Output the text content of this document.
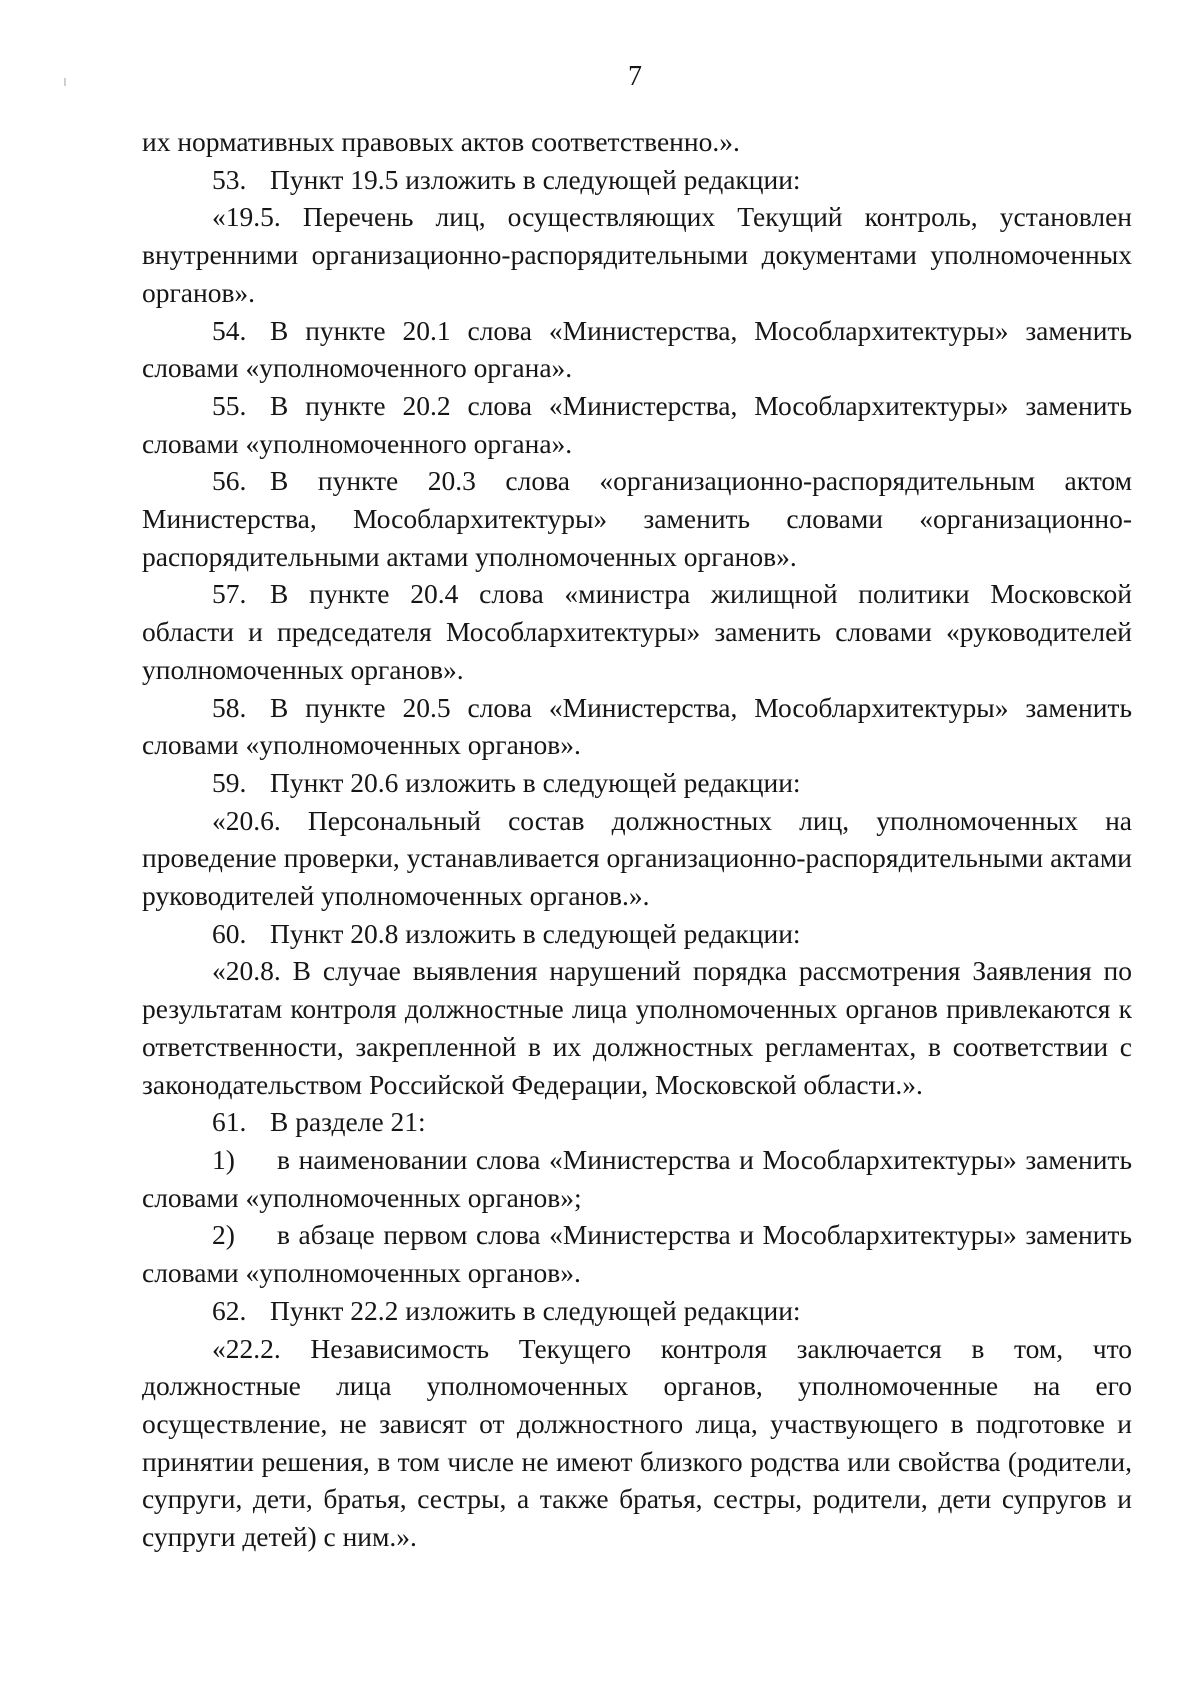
7

их нормативных правовых актов соответственно.».

53. Пункт 19.5 изложить в следующей редакции:

«19.5. Перечень лиц, осуществляющих Текущий контроль, установлен внутренними организационно-распорядительными документами уполномоченных органов».

54. В пункте 20.1 слова «Министерства, Мособлархитектуры» заменить словами «уполномоченного органа».

55. В пункте 20.2 слова «Министерства, Мособлархитектуры» заменить словами «уполномоченного органа».

56. В пункте 20.3 слова «организационно-распорядительным актом Министерства, Мособлархитектуры» заменить словами «организационно-распорядительными актами уполномоченных органов».

57. В пункте 20.4 слова «министра жилищной политики Московской области и председателя Мособлархитектуры» заменить словами «руководителей уполномоченных органов».

58. В пункте 20.5 слова «Министерства, Мособлархитектуры» заменить словами «уполномоченных органов».

59. Пункт 20.6 изложить в следующей редакции:

«20.6. Персональный состав должностных лиц, уполномоченных на проведение проверки, устанавливается организационно-распорядительными актами руководителей уполномоченных органов.».

60. Пункт 20.8 изложить в следующей редакции:

«20.8. В случае выявления нарушений порядка рассмотрения Заявления по результатам контроля должностные лица уполномоченных органов привлекаются к ответственности, закрепленной в их должностных регламентах, в соответствии с законодательством Российской Федерации, Московской области.».

61. В разделе 21:

1) в наименовании слова «Министерства и Мособлархитектуры» заменить словами «уполномоченных органов»;

2) в абзаце первом слова «Министерства и Мособлархитектуры» заменить словами «уполномоченных органов».

62. Пункт 22.2 изложить в следующей редакции:

«22.2. Независимость Текущего контроля заключается в том, что должностные лица уполномоченных органов, уполномоченные на его осуществление, не зависят от должностного лица, участвующего в подготовке и принятии решения, в том числе не имеют близкого родства или свойства (родители, супруги, дети, братья, сестры, а также братья, сестры, родители, дети супругов и супруги детей) с ним.».
